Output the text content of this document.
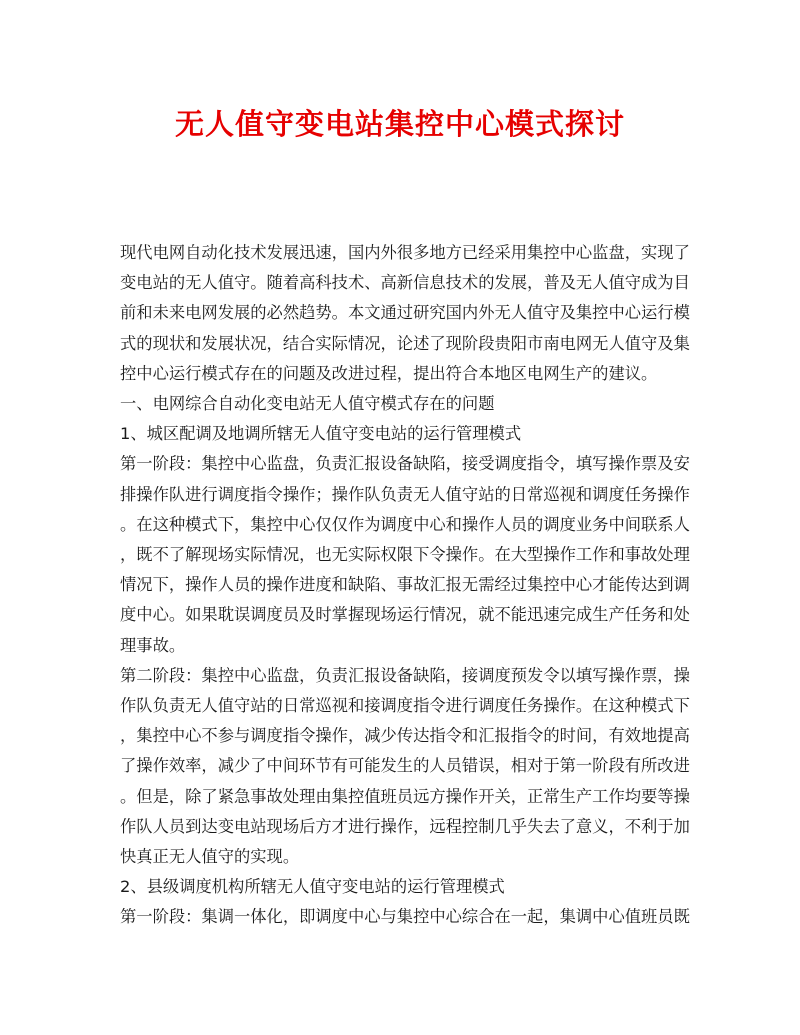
无人值守变电站集控中心模式探讨

现代电网自动化技术发展迅速，国内外很多地方已经采用集控中心监盘，实现了
变电站的无人值守。随着高科技术、高新信息技术的发展，普及无人值守成为目
前和未来电网发展的必然趋势。本文通过研究国内外无人值守及集控中心运行模
式的现状和发展状况，结合实际情况，论述了现阶段贵阳市南电网无人值守及集
控中心运行模式存在的问题及改进过程，提出符合本地区电网生产的建议。

一、电网综合自动化变电站无人值守模式存在的问题

1、城区配调及地调所辖无人值守变电站的运行管理模式

第一阶段：集控中心监盘，负责汇报设备缺陷，接受调度指令，填写操作票及安
排操作队进行调度指令操作；操作队负责无人值守站的日常巡视和调度任务操作
。在这种模式下，集控中心仅仅作为调度中心和操作人员的调度业务中间联系人
，既不了解现场实际情况，也无实际权限下令操作。在大型操作工作和事故处理
情况下，操作人员的操作进度和缺陷、事故汇报无需经过集控中心才能传达到调
度中心。如果耽误调度员及时掌握现场运行情况，就不能迅速完成生产任务和处
理事故。

第二阶段：集控中心监盘，负责汇报设备缺陷，接调度预发令以填写操作票，操
作队负责无人值守站的日常巡视和接调度指令进行调度任务操作。在这种模式下
，集控中心不参与调度指令操作，减少传达指令和汇报指令的时间，有效地提高
了操作效率，减少了中间环节有可能发生的人员错误，相对于第一阶段有所改进
。但是，除了紧急事故处理由集控值班员远方操作开关，正常生产工作均要等操
作队人员到达变电站现场后方才进行操作，远程控制几乎失去了意义，不利于加
快真正无人值守的实现。

2、县级调度机构所辖无人值守变电站的运行管理模式

第一阶段：集调一体化，即调度中心与集控中心综合在一起，集调中心值班员既
